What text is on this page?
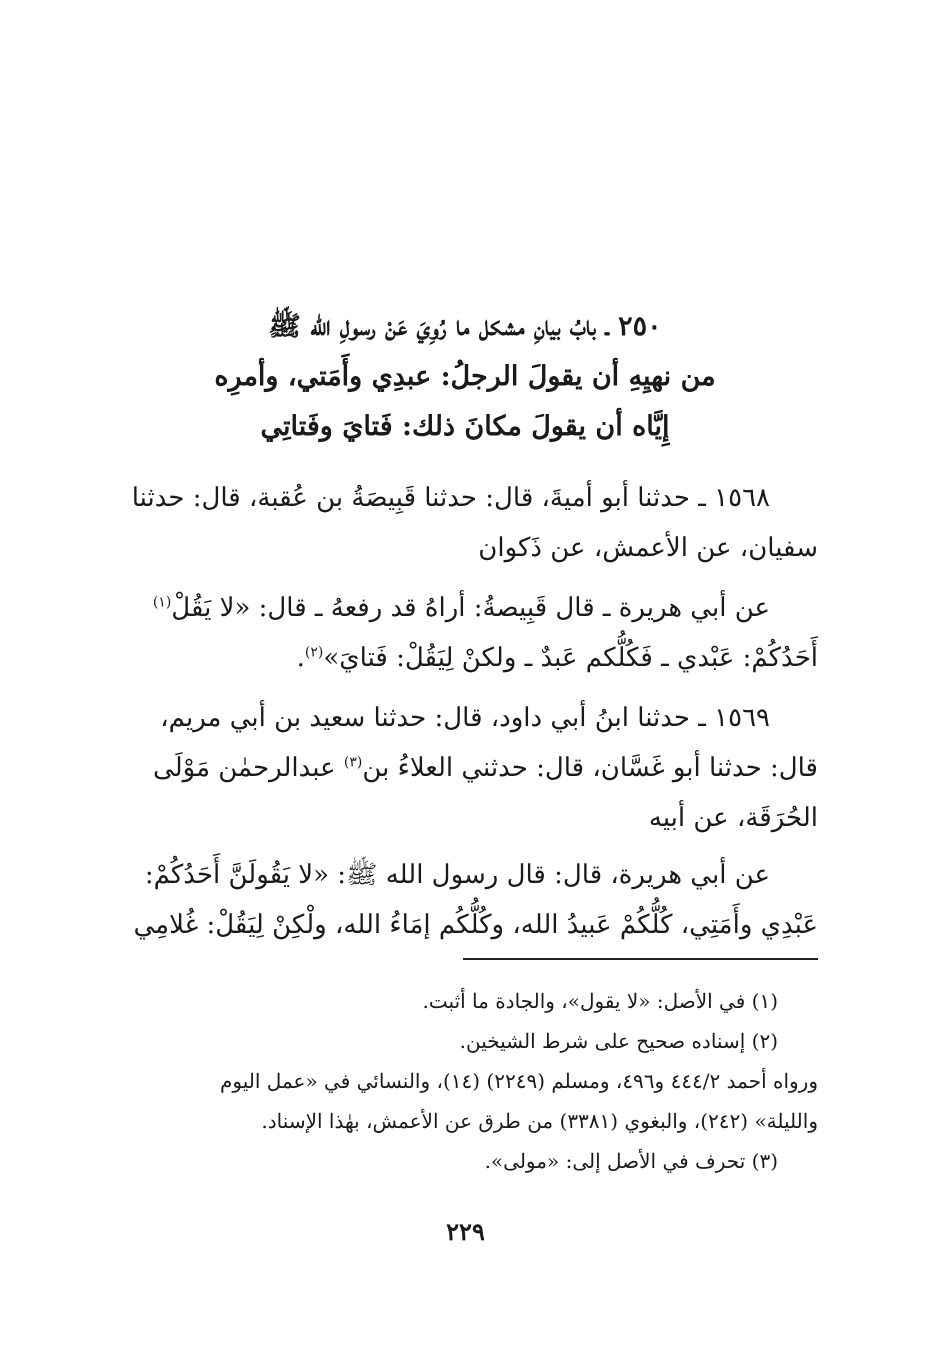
٢٥٠ ـ بابُ بيانِ مشكل ما رُوِيَ عَنْ رسولِ الله ﷺ
من نهيِهِ أن يقولَ الرجلُ: عبدِي وأَمَتي، وأمرِه
إِيَّاه أن يقولَ مكانَ ذلك: فَتايَ وفَتاتِي
١٥٦٨ ـ حدثنا أبو أميةَ، قال: حدثنا قَبِيصَةُ بن عُقبة، قال: حدثنا
سفيان، عن الأعمش، عن ذَكوان
عن أبي هريرة ـ قال قَبِيصةُ: أراهُ قد رفعهُ ـ قال: «لا يَقُلْ$^{(١)}$
أَحَدُكُمْ: عَبْدي ـ فَكُلُّكم عَبدٌ ـ ولكنْ لِيَقُلْ: فَتايَ»$^{(٢)}$.
١٥٦٩ ـ حدثنا ابنُ أبي داود، قال: حدثنا سعيد بن أبي مريم،
قال: حدثنا أبو غَسَّان، قال: حدثني العلاءُ بن$^{(٣)}$ عبدالرحمٰن مَوْلَى
الحُرَقَة، عن أبيه
عن أبي هريرة، قال: قال رسول الله ﷺ: «لا يَقُولَنَّ أَحَدُكُمْ:
عَبْدِي وأَمَتِي، كُلُّكُمْ عَبيدُ الله، وكُلُّكُم إمَاءُ الله، ولْكِنْ لِيَقُلْ: غُلامِي
(١) في الأصل: «لا يقول»، والجادة ما أثبت.
(٢) إسناده صحيح على شرط الشيخين.
ورواه أحمد ٤٤٤/٢ و٤٩٦، ومسلم (٢٢٤٩) (١٤)، والنسائي في «عمل اليوم
والليلة» (٢٤٢)، والبغوي (٣٣٨١) من طرق عن الأعمش، بهٰذا الإسناد.
(٣) تحرف في الأصل إلى: «مولى».
٢٢٩
